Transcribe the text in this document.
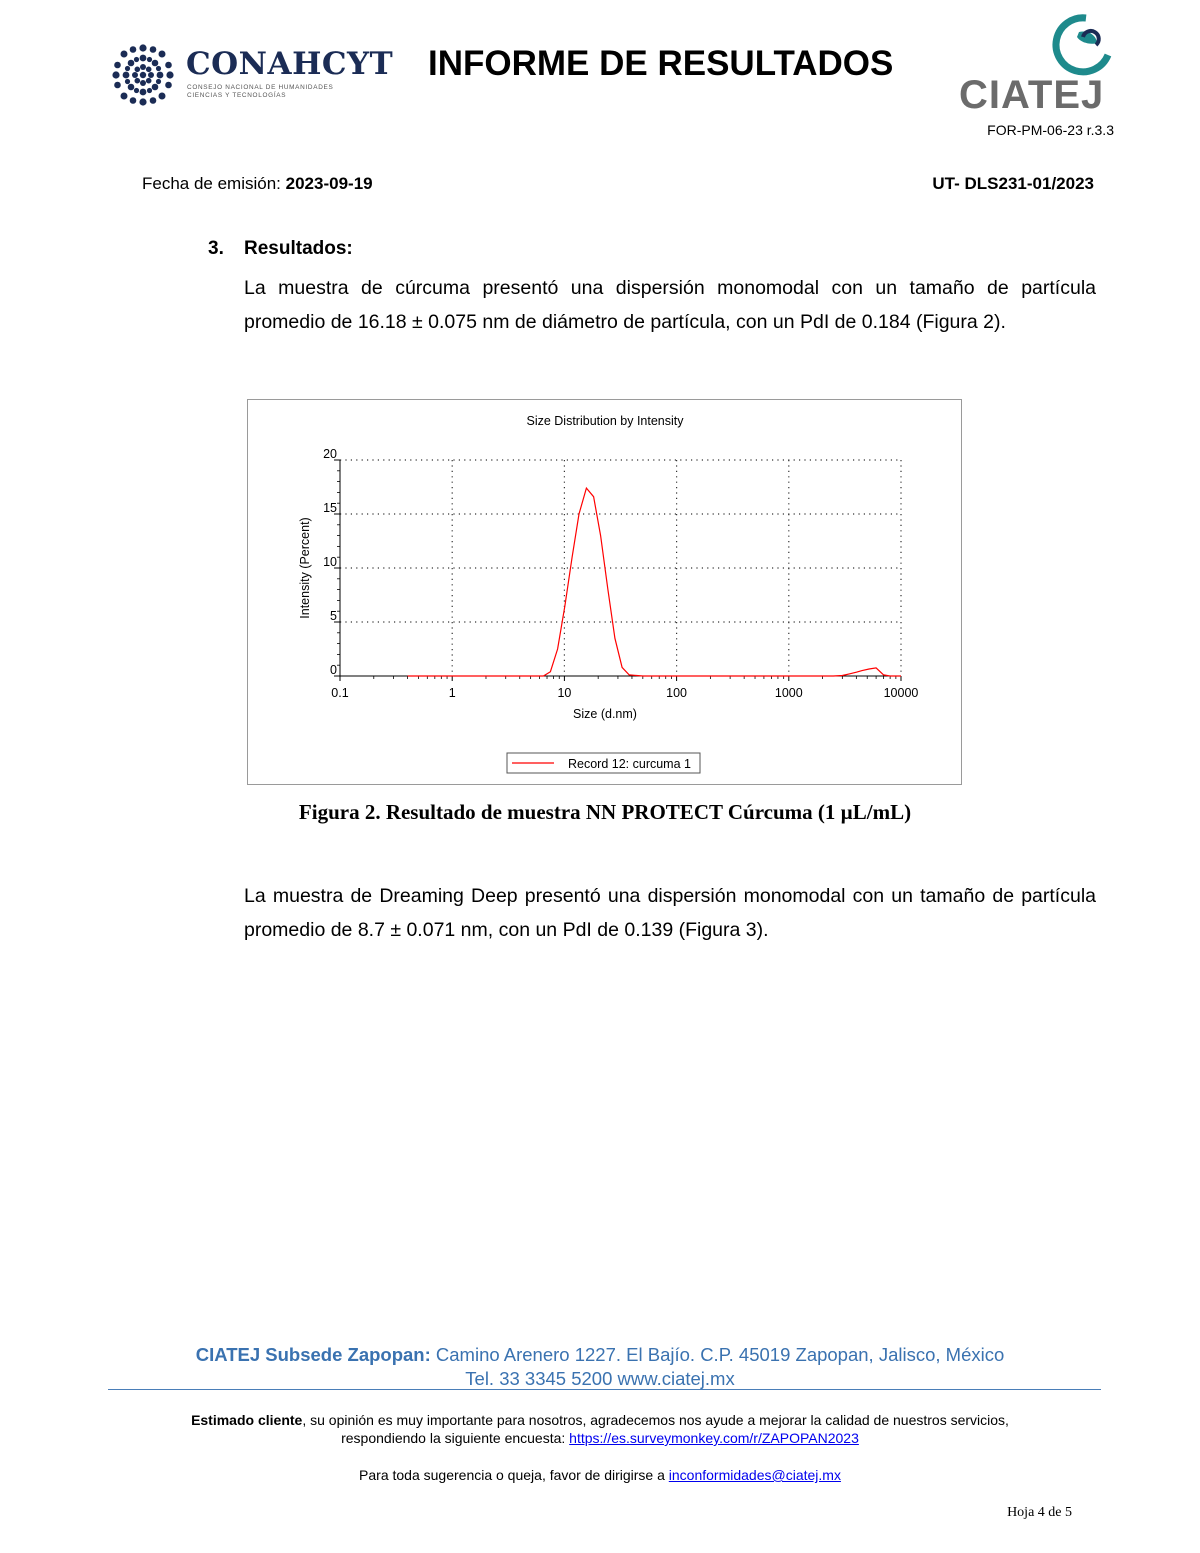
CONAHCYT
CONSEJO NACIONAL DE HUMANIDADES
CIENCIAS Y TECNOLOGÍAS
INFORME DE RESULTADOS
CIATEJ
FOR-PM-06-23 r.3.3
Fecha de emisión: 2023-09-19	UT- DLS231-01/2023
3. Resultados:
La muestra de cúrcuma presentó una dispersión monomodal con un tamaño de partícula promedio de 16.18 ± 0.075 nm de diámetro de partícula, con un PdI de 0.184 (Figura 2).
Size Distribution by Intensity
0.1	1	10	100	1000	10000
0
5
10
15
20
Size (d.nm)
Intensity (Percent)
Record 12: curcuma 1
Figura 2. Resultado de muestra NN PROTECT Cúrcuma (1 µL/mL)
La muestra de Dreaming Deep presentó una dispersión monomodal con un tamaño de partícula promedio de 8.7 ± 0.071 nm, con un PdI de 0.139 (Figura 3).
CIATEJ Subsede Zapopan: Camino Arenero 1227. El Bajío. C.P. 45019 Zapopan, Jalisco, México
Tel. 33 3345 5200 www.ciatej.mx
Estimado cliente, su opinión es muy importante para nosotros, agradecemos nos ayude a mejorar la calidad de nuestros servicios,
respondiendo la siguiente encuesta: https://es.surveymonkey.com/r/ZAPOPAN2023
Para toda sugerencia o queja, favor de dirigirse a inconformidades@ciatej.mx
Hoja 4 de 5
